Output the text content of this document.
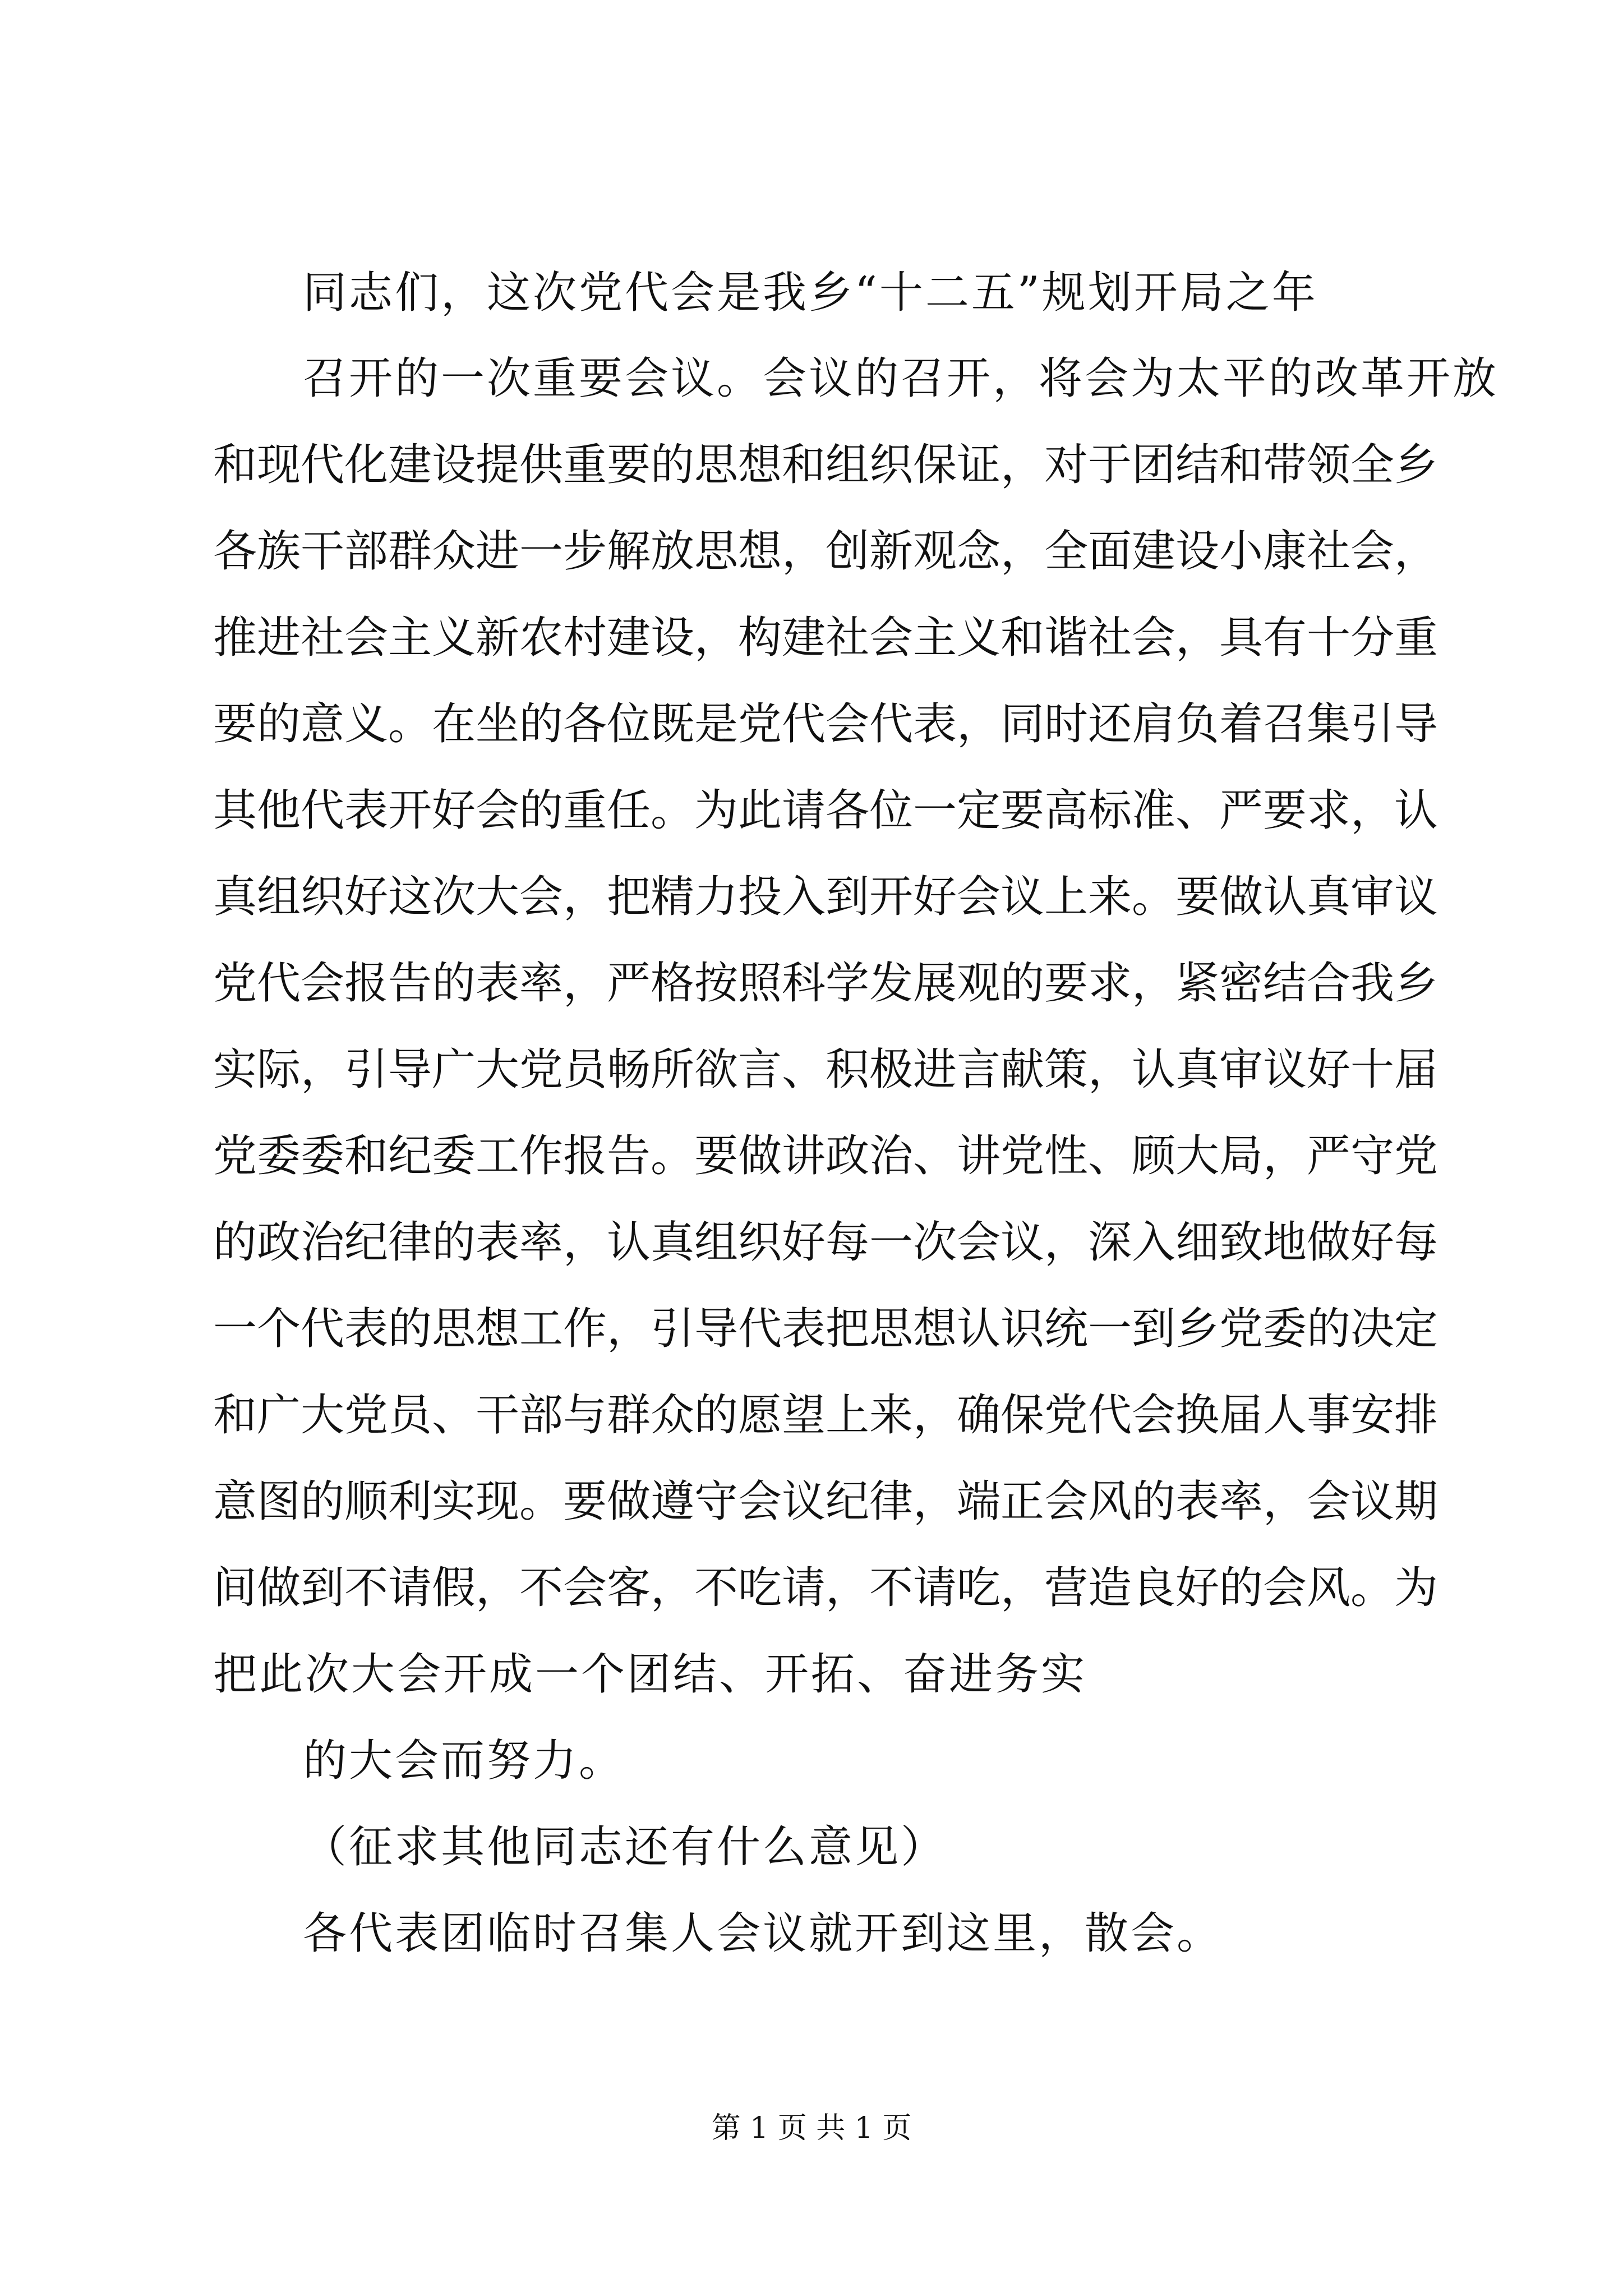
同志们，这次党代会是我乡“十二五”规划开局之年

召开的一次重要会议。会议的召开，将会为太平的改革开放

和现代化建设提供重要的思想和组织保证，对于团结和带领全乡

各族干部群众进一步解放思想，创新观念，全面建设小康社会，

推进社会主义新农村建设，构建社会主义和谐社会，具有十分重

要的意义。在坐的各位既是党代会代表，同时还肩负着召集引导

其他代表开好会的重任。为此请各位一定要高标准、严要求，认

真组织好这次大会，把精力投入到开好会议上来。要做认真审议

党代会报告的表率，严格按照科学发展观的要求，紧密结合我乡

实际，引导广大党员畅所欲言、积极进言献策，认真审议好十届

党委委和纪委工作报告。要做讲政治、讲党性、顾大局，严守党

的政治纪律的表率，认真组织好每一次会议，深入细致地做好每

一个代表的思想工作，引导代表把思想认识统一到乡党委的决定

和广大党员、干部与群众的愿望上来，确保党代会换届人事安排

意图的顺利实现。要做遵守会议纪律，端正会风的表率，会议期

间做到不请假，不会客，不吃请，不请吃，营造良好的会风。为

把此次大会开成一个团结、开拓、奋进务实

的大会而努力。

（征求其他同志还有什么意见）

各代表团临时召集人会议就开到这里，散会。

第 1 页 共 1 页
